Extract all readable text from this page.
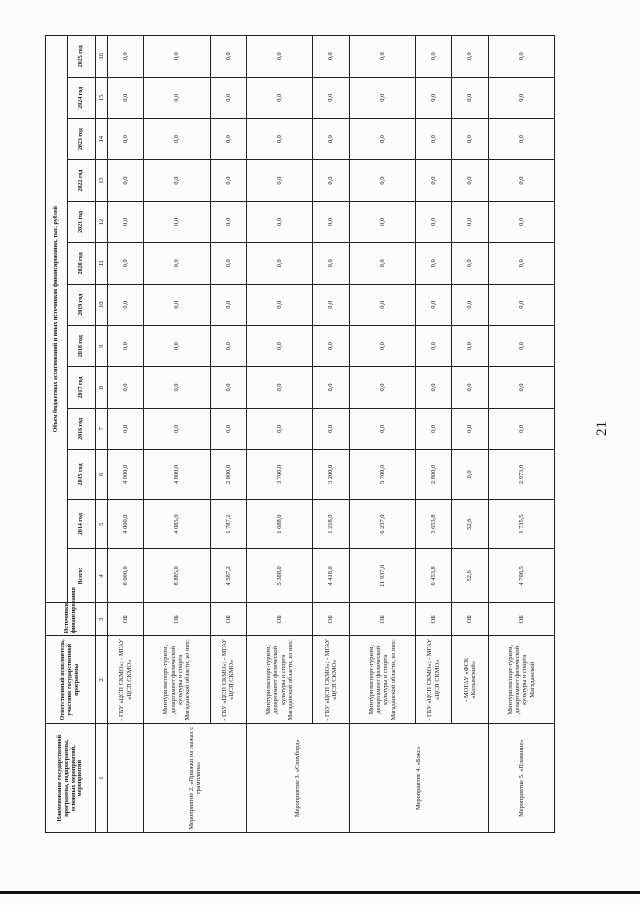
21
Наименование государственной программы, подпрограммы, основных мероприятий, мероприятий	Ответственный исполнитель, участник государственной программы	Источники финансирования	Объем бюджетных ассигнований и иных источников финансирования, тыс. рублей												
			Всего:	2014 год	2015 год	2016 год	2017 год	2018 год	2019 год	2020 год	2021 год	2022 год	2023 год	2024 год	2025 год
1	2	3	4	5	6	7	8	9	10	11	12	13	14	15	16
	- ГБУ «ЦСП СКМО»; - МГАУ «ЦСП СКМО»	ОБ	8 000,0	4 000,0	4 000,0	0,0	0,0	0,0	0,0	0,0	0,0	0,0	0,0	0,0	0,0
Мероприятие 2. «Прыжки на лыжах с трамплина»	Минтуризмспорт-туризм, департамент физической культуры и спорта Магаданской области, из них:	ОБ	8 885,0	4 085,0	4 800,0	0,0	0,0	0,0	0,0	0,0	0,0	0,0	0,0	0,0	0,0
	- ГБУ «ЦСП СКМО»; - МГАУ «ЦСП СКМО»	ОБ	4 587,2	1 787,2	2 800,0	0,0	0,0	0,0	0,0	0,0	0,0	0,0	0,0	0,0	0,0
Мероприятие 3. «Сноуборд»	Минтуризмспорт-туризм, департамент физической культуры и спорта Магаданской области, из них:	ОБ	5 388,0	1 688,0	3 700,0	0,0	0,0	0,0	0,0	0,0	0,0	0,0	0,0	0,0	0,0
	- ГБУ «ЦСП СКМО»; - МГАУ «ЦСП СКМО»	ОБ	4 418,0	1 218,0	3 200,0	0,0	0,0	0,0	0,0	0,0	0,0	0,0	0,0	0,0	0,0
Мероприятие 4. «Бокс»	Минтуризмспорт-туризм, департамент физической культуры и спорта Магаданской области, из них:	ОБ	11 937,0	6 237,0	5 700,0	0,0	0,0	0,0	0,0	0,0	0,0	0,0	0,0	0,0	0,0
	- ГБУ «ЦСП СКМО»; - МГАУ «ЦСП СКМО»	ОБ	6 453,8	3 653,8	2 800,0	0,0	0,0	0,0	0,0	0,0	0,0	0,0	0,0	0,0	0,0
	- МОГАУ «ФСК «Колымский»	ОБ	52,6	52,6	0,0	0,0	0,0	0,0	0,0	0,0	0,0	0,0	0,0	0,0	0,0
Мероприятие 5. «Плавание»	Минтуризмспорт-туризм, департамент физической культуры и спорта Магаданской	ОБ	4 708,5	1 735,5	2 973,0	0,0	0,0	0,0	0,0	0,0	0,0	0,0	0,0	0,0	0,0
